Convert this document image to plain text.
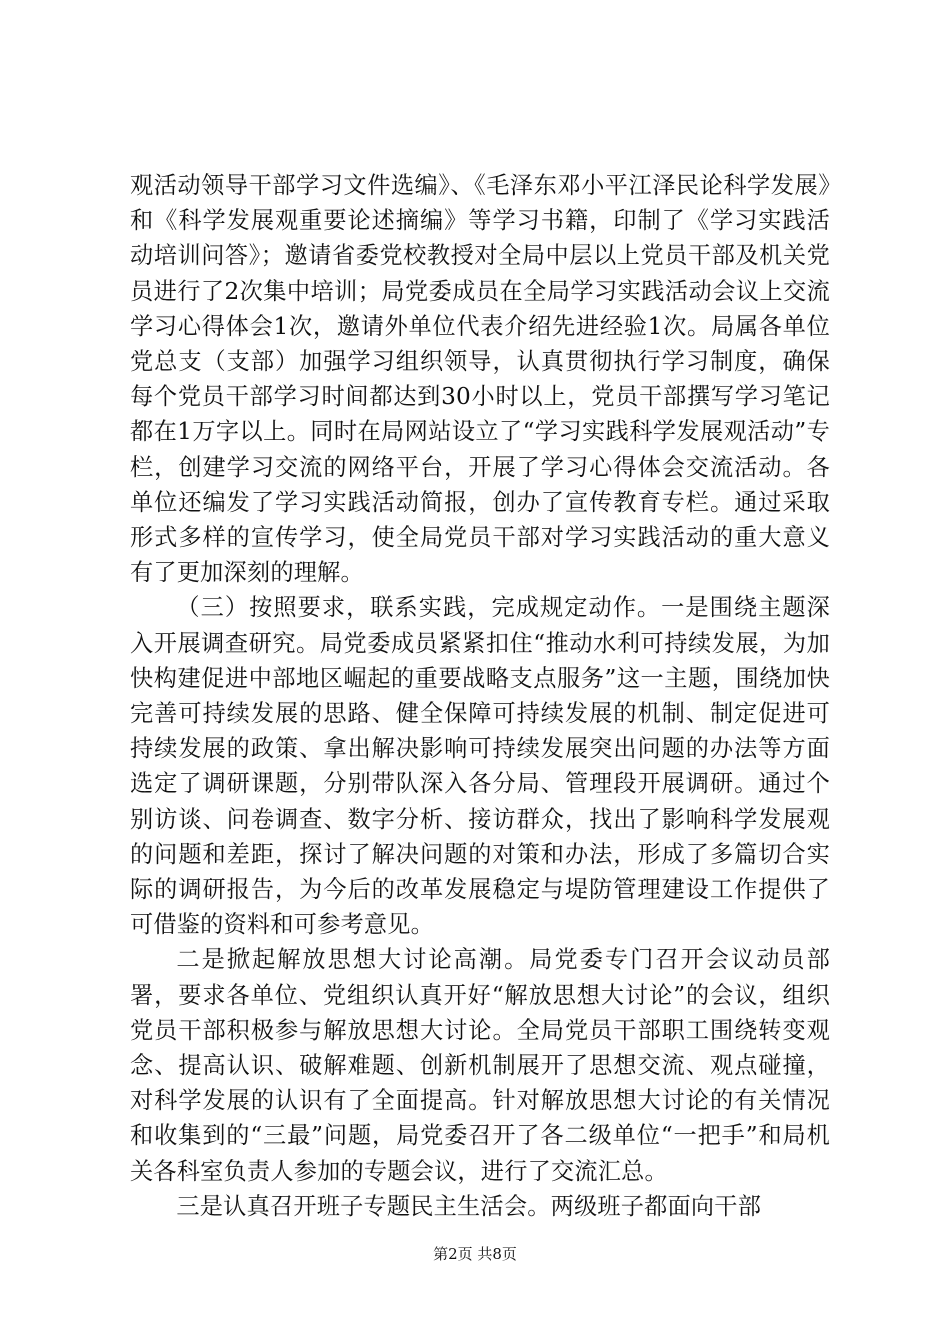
观活动领导干部学习文件选编》、《毛泽东邓小平江泽民论科学发展》和《科学发展观重要论述摘编》等学习书籍，印制了《学习实践活动培训问答》；邀请省委党校教授对全局中层以上党员干部及机关党员进行了2次集中培训；局党委成员在全局学习实践活动会议上交流学习心得体会1次，邀请外单位代表介绍先进经验1次。局属各单位党总支（支部）加强学习组织领导，认真贯彻执行学习制度，确保每个党员干部学习时间都达到30小时以上，党员干部撰写学习笔记都在1万字以上。同时在局网站设立了“学习实践科学发展观活动”专栏，创建学习交流的网络平台，开展了学习心得体会交流活动。各单位还编发了学习实践活动简报，创办了宣传教育专栏。通过采取形式多样的宣传学习，使全局党员干部对学习实践活动的重大意义有了更加深刻的理解。

（三）按照要求，联系实践，完成规定动作。一是围绕主题深入开展调查研究。局党委成员紧紧扣住“推动水利可持续发展，为加快构建促进中部地区崛起的重要战略支点服务”这一主题，围绕加快完善可持续发展的思路、健全保障可持续发展的机制、制定促进可持续发展的政策、拿出解决影响可持续发展突出问题的办法等方面选定了调研课题，分别带队深入各分局、管理段开展调研。通过个别访谈、问卷调查、数字分析、接访群众，找出了影响科学发展观的问题和差距，探讨了解决问题的对策和办法，形成了多篇切合实际的调研报告，为今后的改革发展稳定与堤防管理建设工作提供了可借鉴的资料和可参考意见。

二是掀起解放思想大讨论高潮。局党委专门召开会议动员部署，要求各单位、党组织认真开好“解放思想大讨论”的会议，组织党员干部积极参与解放思想大讨论。全局党员干部职工围绕转变观念、提高认识、破解难题、创新机制展开了思想交流、观点碰撞，对科学发展的认识有了全面提高。针对解放思想大讨论的有关情况和收集到的“三最”问题，局党委召开了各二级单位“一把手”和局机关各科室负责人参加的专题会议，进行了交流汇总。

三是认真召开班子专题民主生活会。两级班子都面向干部

第2页 共8页
